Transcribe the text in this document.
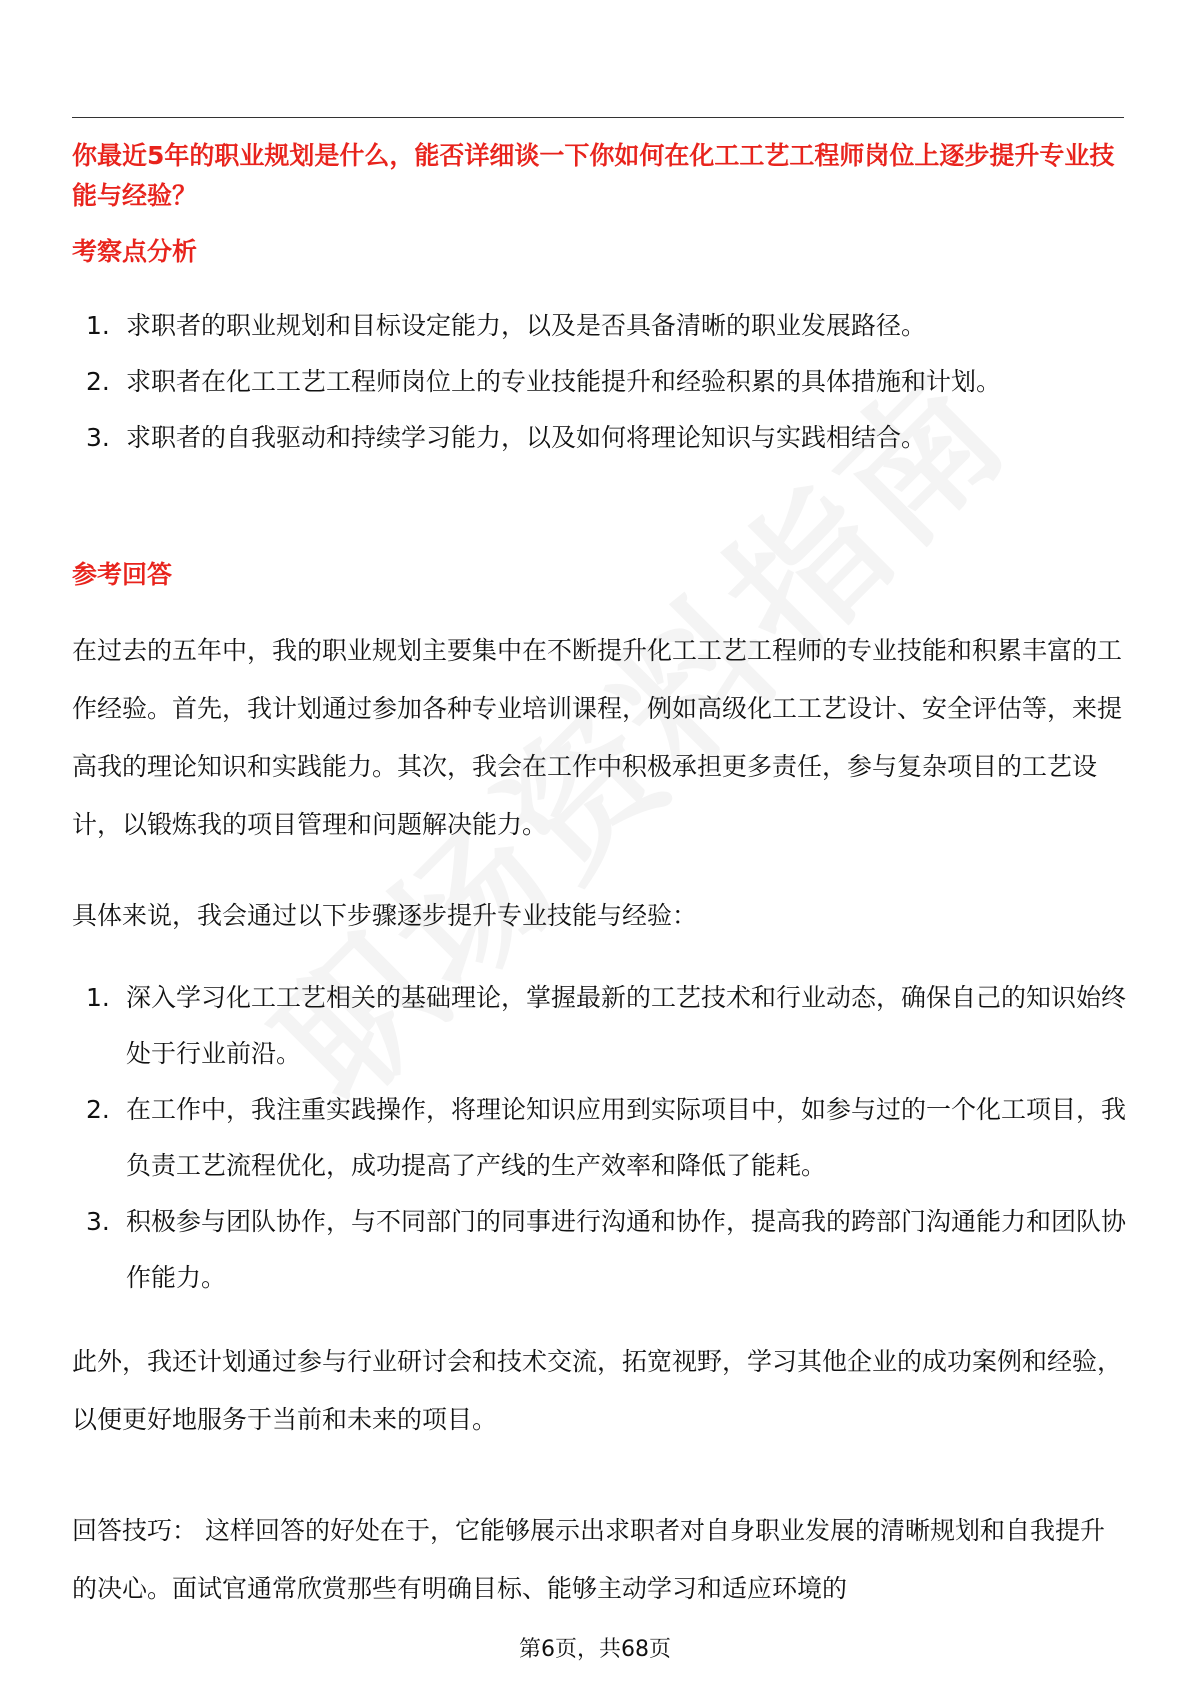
你最近5年的职业规划是什么，能否详细谈一下你如何在化工工艺工程师岗位上逐步提升专业技能与经验？

考察点分析
1. 求职者的职业规划和目标设定能力，以及是否具备清晰的职业发展路径。
2. 求职者在化工工艺工程师岗位上的专业技能提升和经验积累的具体措施和计划。
3. 求职者的自我驱动和持续学习能力，以及如何将理论知识与实践相结合。
参考回答

在过去的五年中，我的职业规划主要集中在不断提升化工工艺工程师的专业技能和积累丰富的工作经验。首先，我计划通过参加各种专业培训课程，例如高级化工工艺设计、安全评估等，来提高我的理论知识和实践能力。其次，我会在工作中积极承担更多责任，参与复杂项目的工艺设计，以锻炼我的项目管理和问题解决能力。

具体来说，我会通过以下步骤逐步提升专业技能与经验：

1. 深入学习化工工艺相关的基础理论，掌握最新的工艺技术和行业动态，确保自己的知识始终处于行业前沿。
2. 在工作中，我注重实践操作，将理论知识应用到实际项目中，如参与过的一个化工项目，我负责工艺流程优化，成功提高了产线的生产效率和降低了能耗。
3. 积极参与团队协作，与不同部门的同事进行沟通和协作，提高我的跨部门沟通能力和团队协作能力。

此外，我还计划通过参与行业研讨会和技术交流，拓宽视野，学习其他企业的成功案例和经验，以便更好地服务于当前和未来的项目。

回答技巧： 这样回答的好处在于，它能够展示出求职者对自身职业发展的清晰规划和自我提升的决心。面试官通常欣赏那些有明确目标、能够主动学习和适应环境的

第6页，共68页
